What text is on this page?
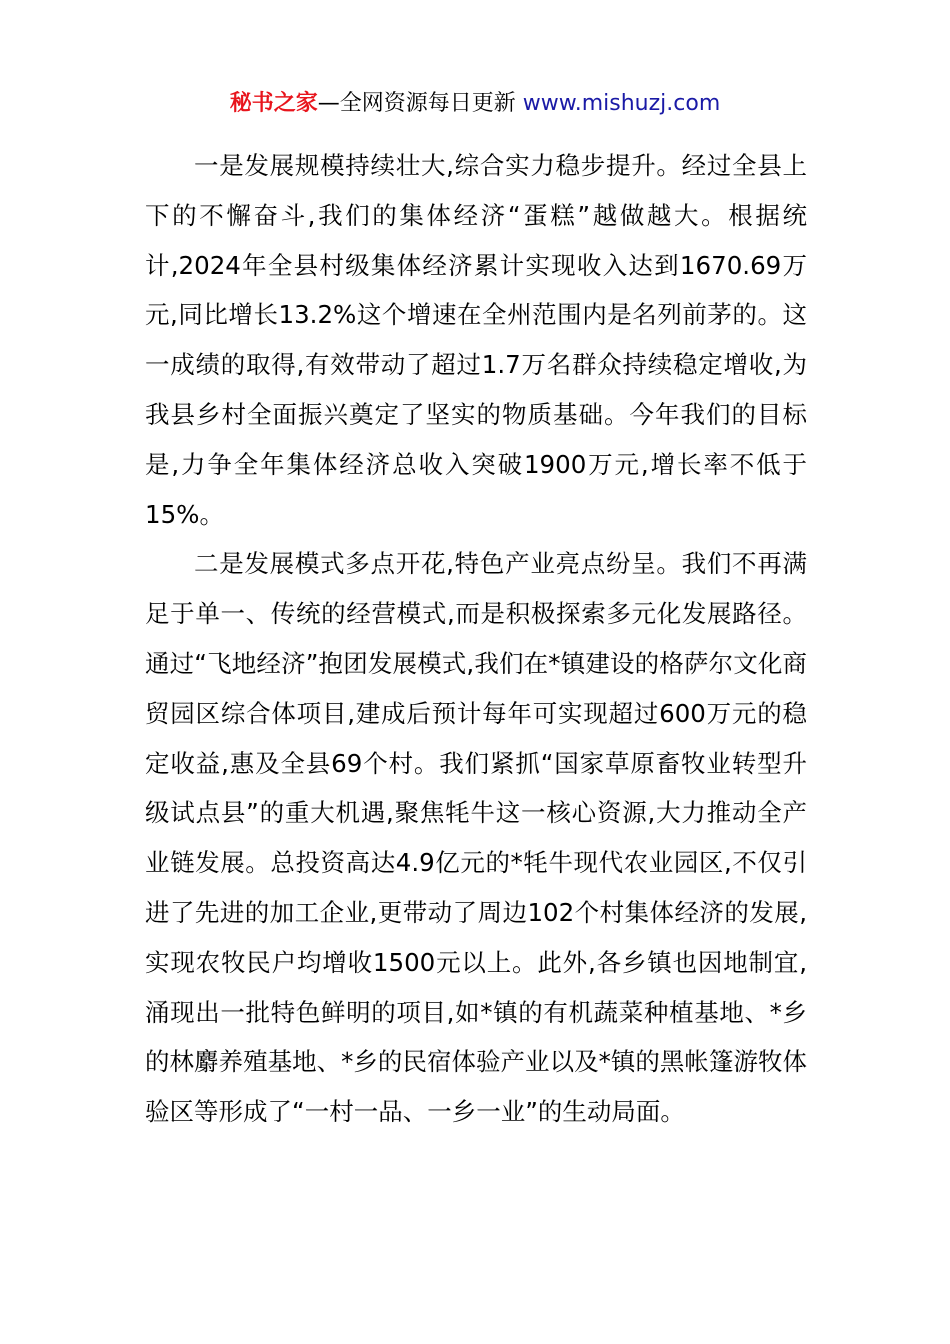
秘书之家—全网资源每日更新 www.mishuzj.com

一是发展规模持续壮大,综合实力稳步提升。经过全县上下的不懈奋斗,我们的集体经济“蛋糕”越做越大。根据统计,2024年全县村级集体经济累计实现收入达到1670.69万元,同比增长13.2%这个增速在全州范围内是名列前茅的。这一成绩的取得,有效带动了超过1.7万名群众持续稳定增收,为我县乡村全面振兴奠定了坚实的物质基础。今年我们的目标是,力争全年集体经济总收入突破1900万元,增长率不低于15%。

二是发展模式多点开花,特色产业亮点纷呈。我们不再满足于单一、传统的经营模式,而是积极探索多元化发展路径。通过“飞地经济”抱团发展模式,我们在*镇建设的格萨尔文化商贸园区综合体项目,建成后预计每年可实现超过600万元的稳定收益,惠及全县69个村。我们紧抓“国家草原畜牧业转型升级试点县”的重大机遇,聚焦牦牛这一核心资源,大力推动全产业链发展。总投资高达4.9亿元的*牦牛现代农业园区,不仅引进了先进的加工企业,更带动了周边102个村集体经济的发展,实现农牧民户均增收1500元以上。此外,各乡镇也因地制宜,涌现出一批特色鲜明的项目,如*镇的有机蔬菜种植基地、*乡的林麝养殖基地、*乡的民宿体验产业以及*镇的黑帐篷游牧体验区等形成了“一村一品、一乡一业”的生动局面。
